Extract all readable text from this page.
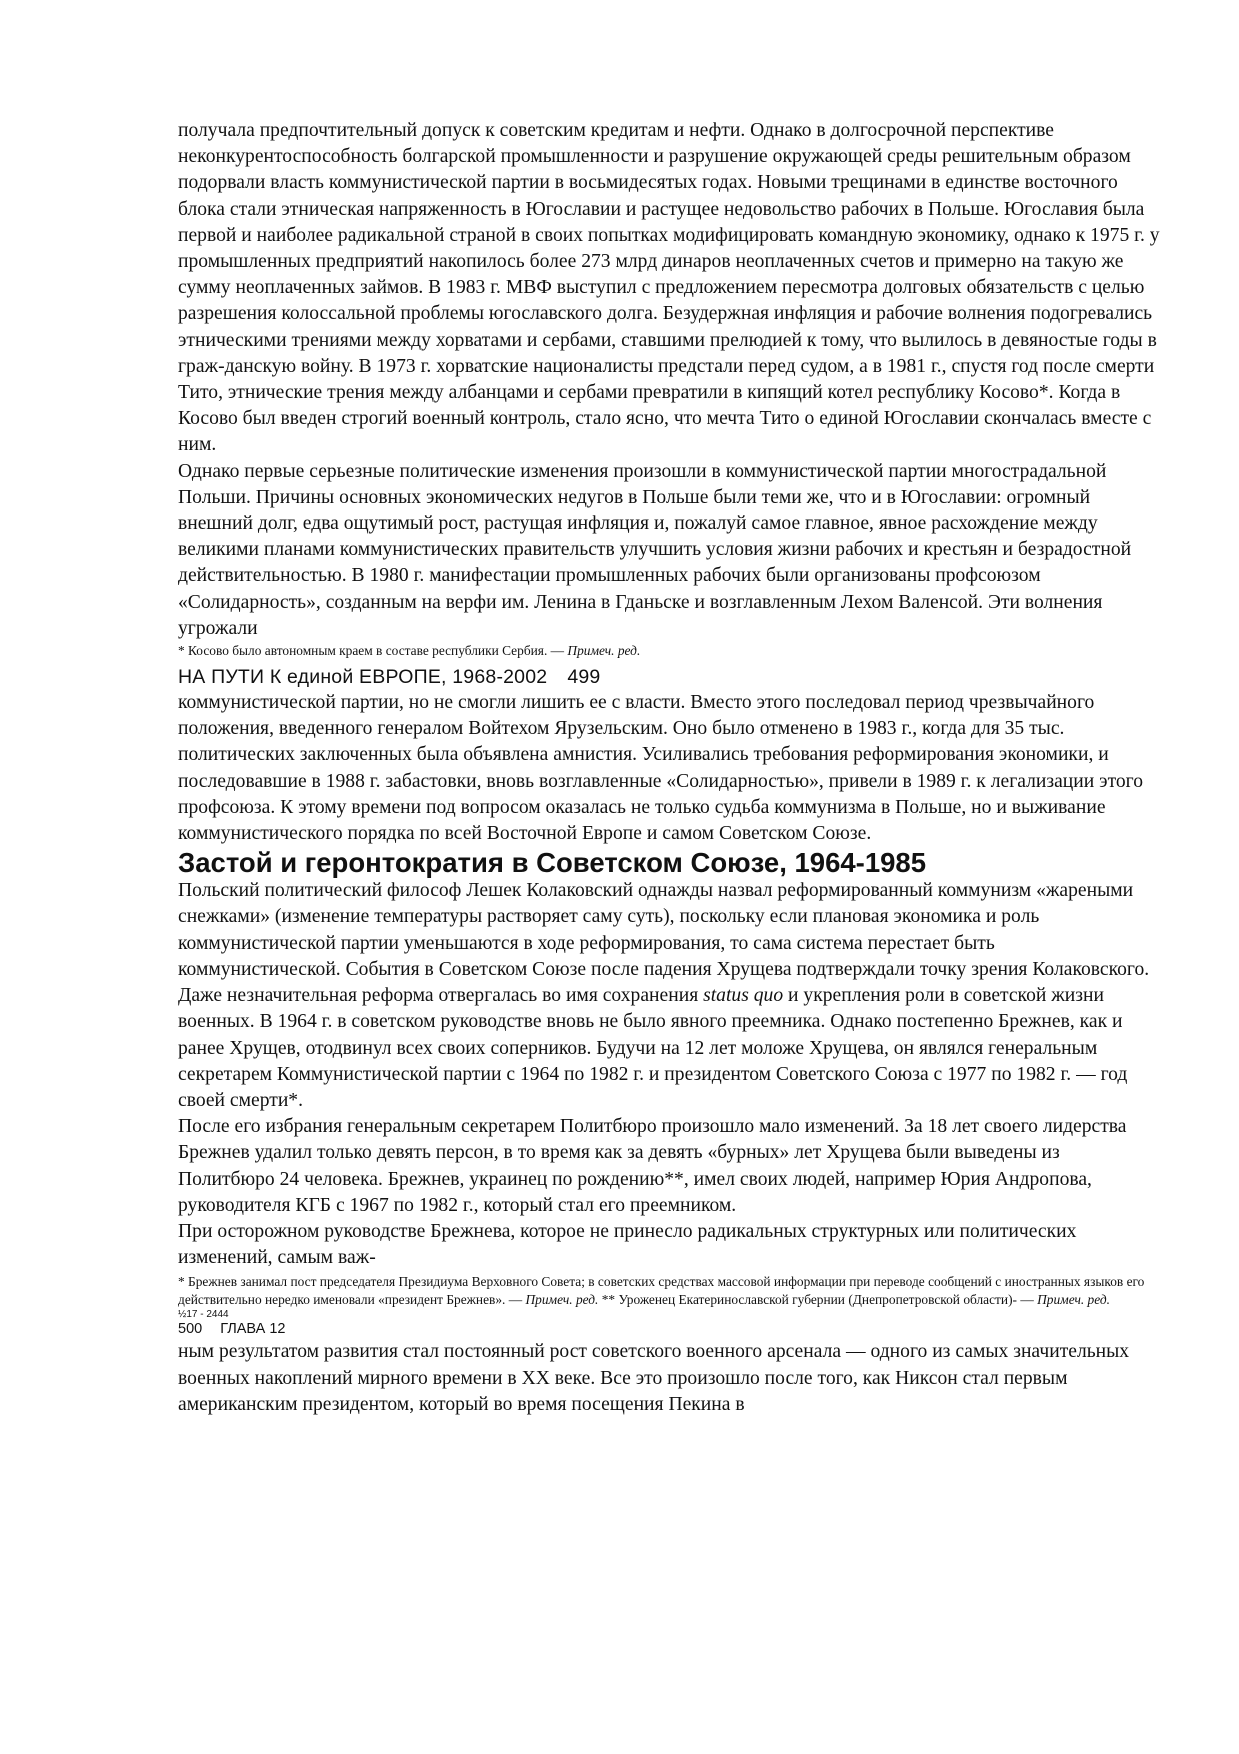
получала предпочтительный допуск к советским кредитам и нефти. Однако в долгосрочной перспективе неконкурентоспособность болгарской промышленности и разрушение окружающей среды решительным образом подорвали власть коммунистической партии в восьмидесятых годах. Новыми трещинами в единстве восточного блока стали этническая напряженность в Югославии и растущее недовольство рабочих в Польше. Югославия была первой и наиболее радикальной страной в своих попытках модифицировать командную экономику, однако к 1975 г. у промышленных предприятий накопилось более 273 млрд динаров неоплаченных счетов и примерно на такую же сумму неоплаченных займов. В 1983 г. МВФ выступил с предложением пересмотра долговых обязательств с целью разрешения колоссальной проблемы югославского долга. Безудержная инфляция и рабочие волнения подогревались этническими трениями между хорватами и сербами, ставшими прелюдией к тому, что вылилось в девяностые годы в граж-данскую войну. В 1973 г. хорватские националисты предстали перед судом, а в 1981 г., спустя год после смерти Тито, этнические трения между албанцами и сербами превратили в кипящий котел республику Косово*. Когда в Косово был введен строгий военный контроль, стало ясно, что мечта Тито о единой Югославии скончалась вместе с ним.

Однако первые серьезные политические изменения произошли в коммунистической партии многострадальной Польши. Причины основных экономических недугов в Польше были теми же, что и в Югославии: огромный внешний долг, едва ощутимый рост, растущая инфляция и, пожалуй самое главное, явное расхождение между великими планами коммунистических правительств улучшить условия жизни рабочих и крестьян и безрадостной действительностью. В 1980 г. манифестации промышленных рабочих были организованы профсоюзом «Солидарность», созданным на верфи им. Ленина в Гданьске и возглавленным Лехом Валенсой. Эти волнения угрожали

* Косово было автономным краем в составе республики Сербия. — Примеч. ред.

НА ПУТИ К единой ЕВРОПЕ, 1968-2002 499

коммунистической партии, но не смогли лишить ее с власти. Вместо этого последовал период чрезвычайного положения, введенного генералом Войтехом Ярузельским. Оно было отменено в 1983 г., когда для 35 тыс. политических заключенных была объявлена амнистия. Усиливались требования реформирования экономики, и последовавшие в 1988 г. забастовки, вновь возглавленные «Солидарностью», привели в 1989 г. к легализации этого профсоюза. К этому времени под вопросом оказалась не только судьба коммунизма в Польше, но и выживание коммунистического порядка по всей Восточной Европе и самом Советском Союзе.

Застой и геронтократия в Советском Союзе, 1964-1985

Польский политический философ Лешек Колаковский однажды назвал реформированный коммунизм «жареными снежками» (изменение температуры растворяет саму суть), поскольку если плановая экономика и роль коммунистической партии уменьшаются в ходе реформирования, то сама система перестает быть коммунистической. События в Советском Союзе после падения Хрущева подтверждали точку зрения Колаковского. Даже незначительная реформа отвергалась во имя сохранения status quo и укрепления роли в советской жизни военных. В 1964 г. в советском руководстве вновь не было явного преемника. Однако постепенно Брежнев, как и ранее Хрущев, отодвинул всех своих соперников. Будучи на 12 лет моложе Хрущева, он являлся генеральным секретарем Коммунистической партии с 1964 по 1982 г. и президентом Советского Союза с 1977 по 1982 г. — год своей смерти*.

После его избрания генеральным секретарем Политбюро произошло мало изменений. За 18 лет своего лидерства Брежнев удалил только девять персон, в то время как за девять «бурных» лет Хрущева были выведены из Политбюро 24 человека. Брежнев, украинец по рождению**, имел своих людей, например Юрия Андропова, руководителя КГБ с 1967 по 1982 г., который стал его преемником.

При осторожном руководстве Брежнева, которое не принесло радикальных структурных или политических изменений, самым важ-

* Брежнев занимал пост председателя Президиума Верховного Совета; в советских средствах массовой информации при переводе сообщений с иностранных языков его действительно нередко именовали «президент Брежнев». — Примеч. ред. ** Уроженец Екатеринославской губернии (Днепропетровской области)- — Примеч. ред.

½17 - 2444

500 ГЛАВА 12

ным результатом развития стал постоянный рост советского военного арсенала — одного из самых значительных военных накоплений мирного времени в XX веке. Все это произошло после того, как Никсон стал первым американским президентом, который во время посещения Пекина в
